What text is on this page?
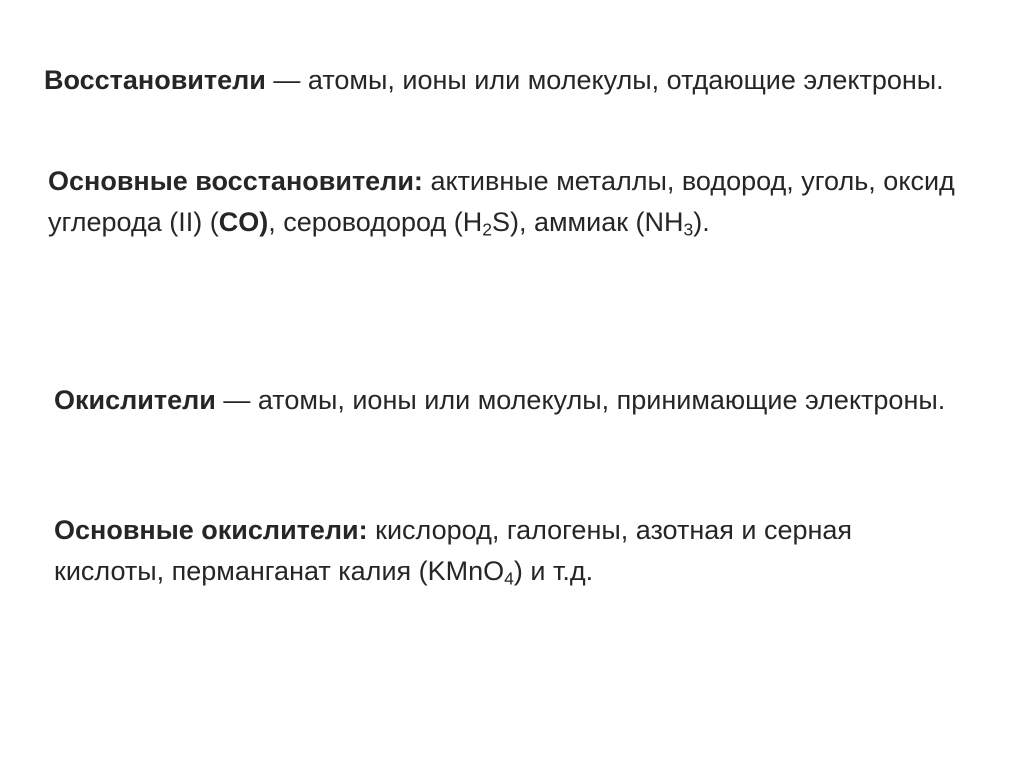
Восстановители — атомы, ионы или молекулы, отдающие электроны.

Основные восстановители: активные металлы, водород, уголь, оксид углерода (II) (CO), сероводород $(H_2S)$, аммиак $(NH_3)$.

Окислители — атомы, ионы или молекулы, принимающие электроны.

Основные окислители: кислород, галогены, азотная и серная кислоты, перманганат калия (KMnO$_4$) и т.д.
